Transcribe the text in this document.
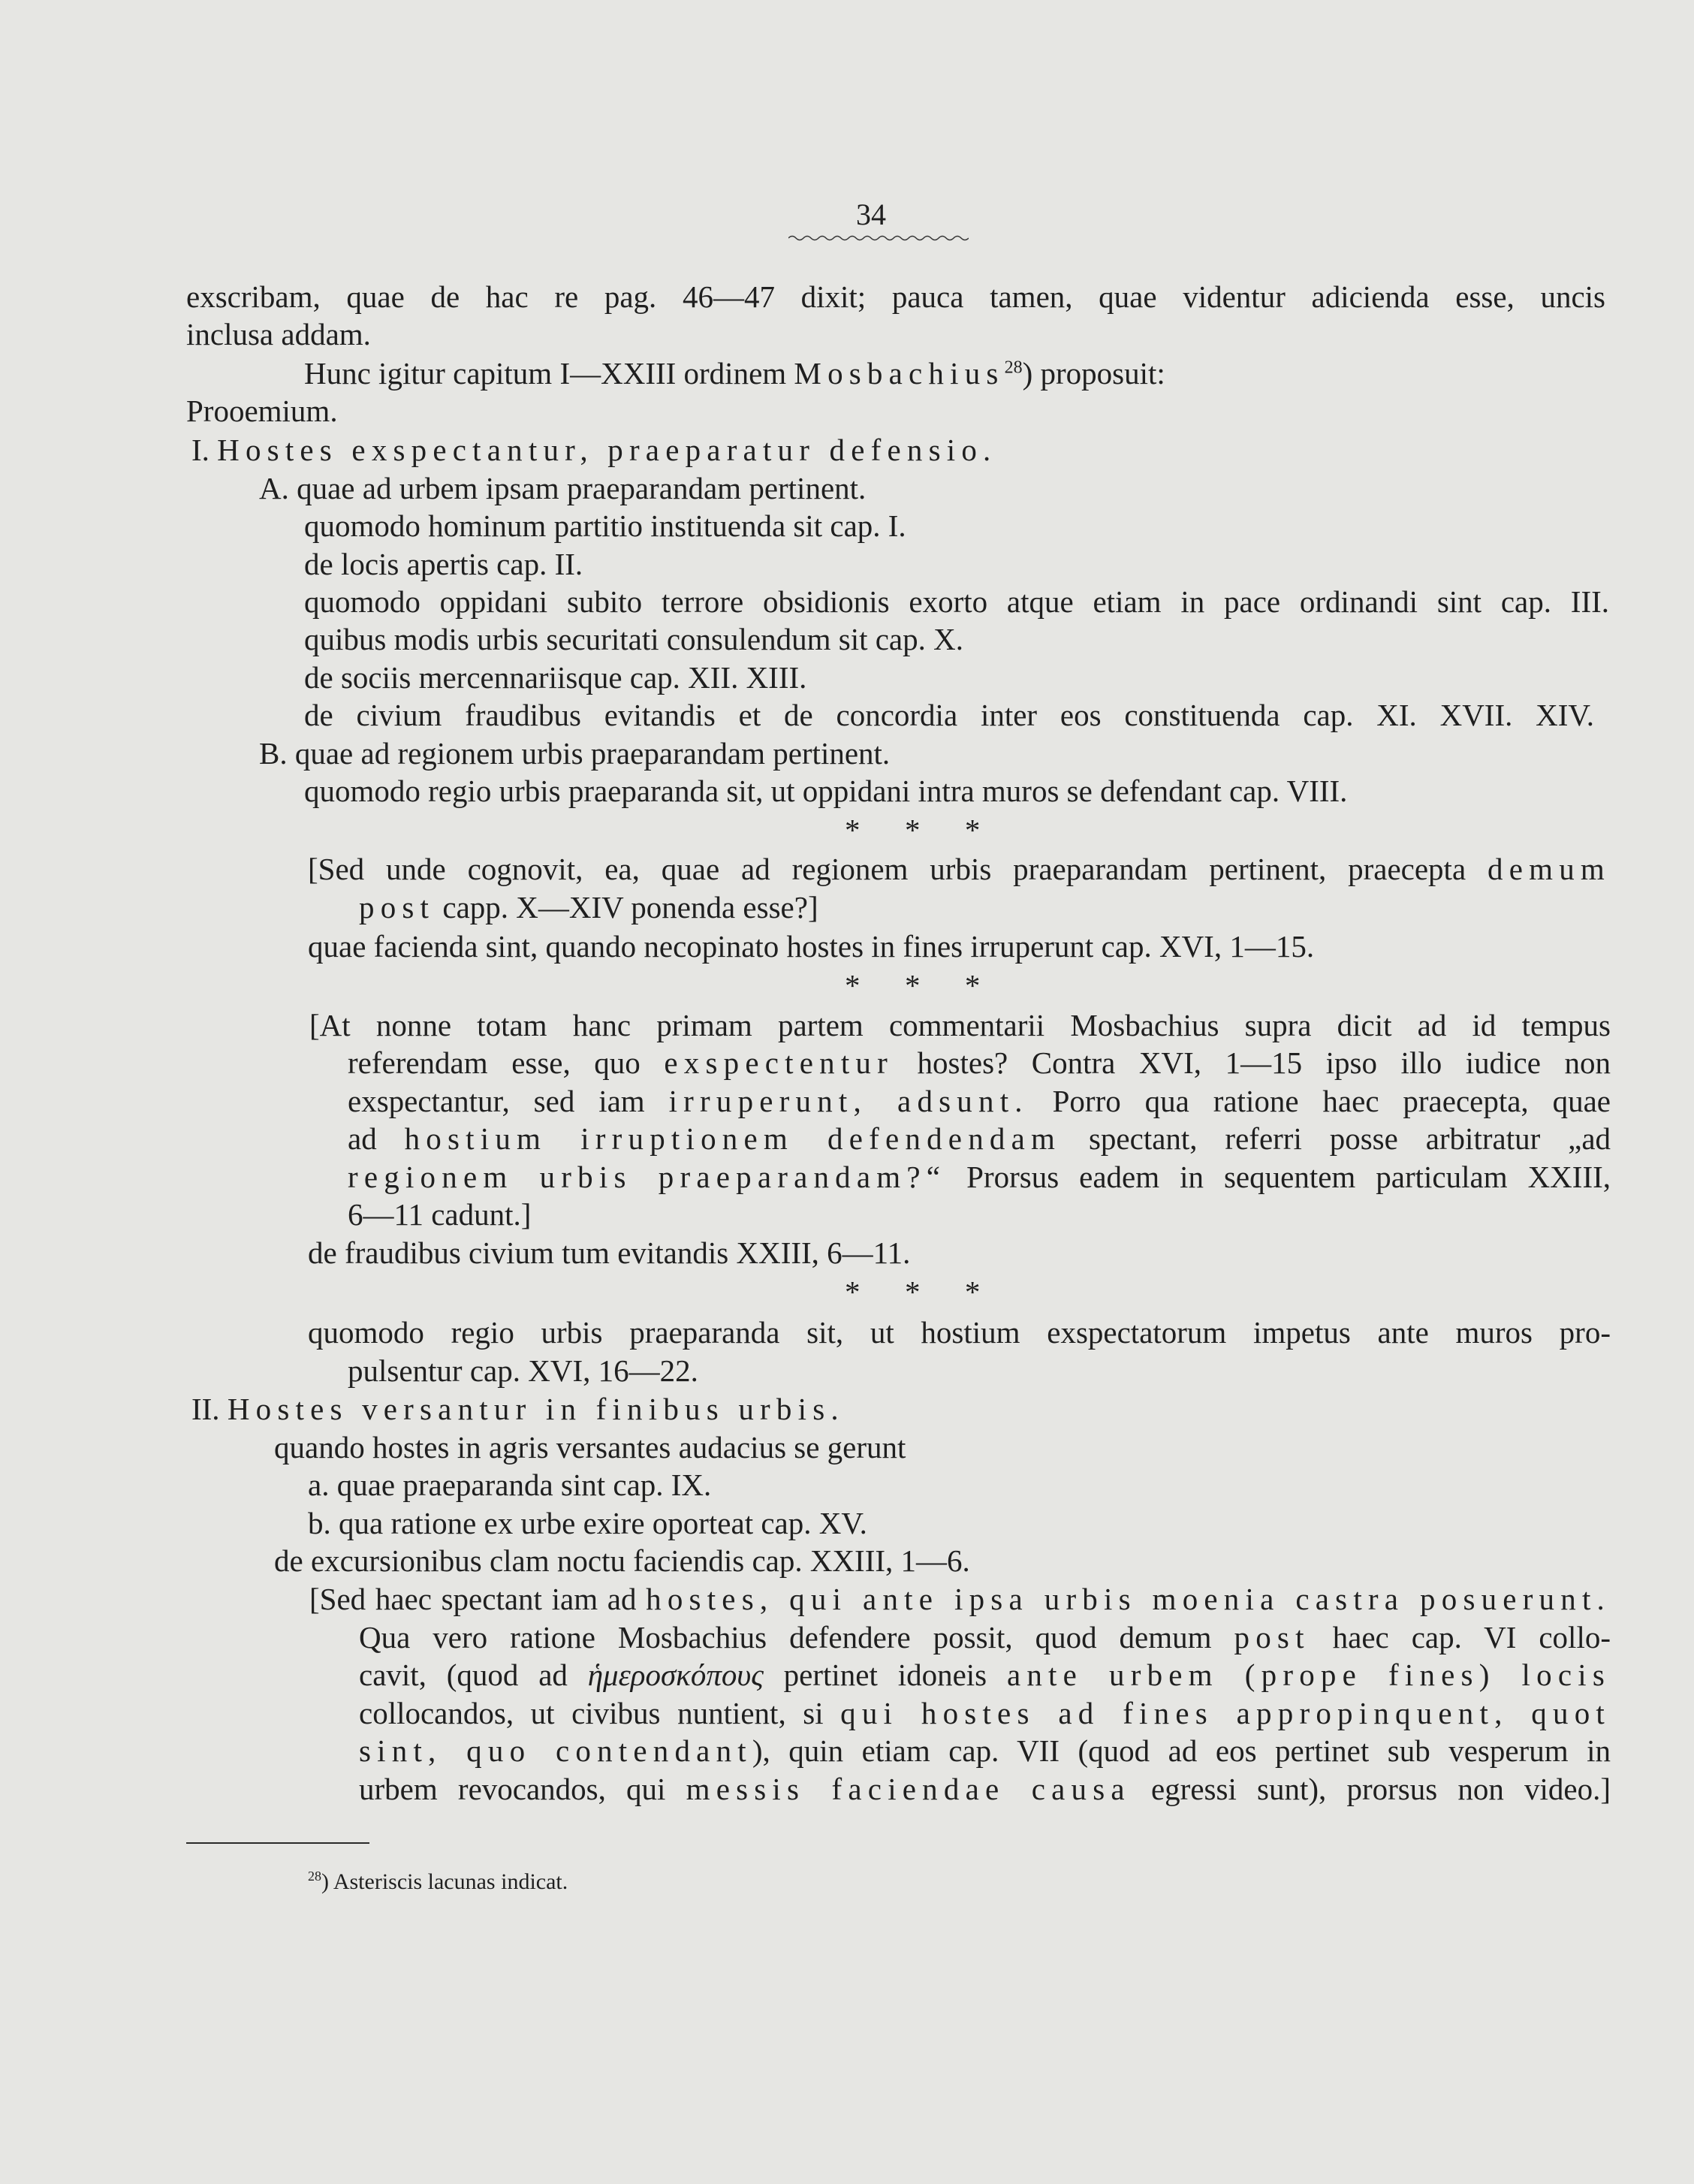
34
exscribam, quae de hac re pag. 46—47 dixit; pauca tamen, quae videntur adicienda esse, uncis
inclusa addam.
Hunc igitur capitum I—XXIII ordinem Mosbachius$^{28}$) proposuit:
Prooemium.
I. Hostes exspectantur, praeparatur defensio.
A. quae ad urbem ipsam praeparandam pertinent.
quomodo hominum partitio instituenda sit cap. I.
de locis apertis cap. II.
quomodo oppidani subito terrore obsidionis exorto atque etiam in pace ordinandi sint cap. III.
quibus modis urbis securitati consulendum sit cap. X.
de sociis mercennariisque cap. XII. XIII.
de civium fraudibus evitandis et de concordia inter eos constituenda cap. XI. XVII. XIV.
B. quae ad regionem urbis praeparandam pertinent.
quomodo regio urbis praeparanda sit, ut oppidani intra muros se defendant cap. VIII.
* * *
[Sed unde cognovit, ea, quae ad regionem urbis praeparandam pertinent, praecepta demum
post capp. X—XIV ponenda esse?]
quae facienda sint, quando necopinato hostes in fines irruperunt cap. XVI, 1—15.
* * *
[At nonne totam hanc primam partem commentarii Mosbachius supra dicit ad id tempus
referendam esse, quo exspectentur hostes? Contra XVI, 1—15 ipso illo iudice non
exspectantur, sed iam irruperunt, adsunt. Porro qua ratione haec praecepta, quae
ad hostium irruptionem defendendam spectant, referri posse arbitratur „ad
regionem urbis praeparandam?“ Prorsus eadem in sequentem particulam XXIII,
6—11 cadunt.]
de fraudibus civium tum evitandis XXIII, 6—11.
* * *
quomodo regio urbis praeparanda sit, ut hostium exspectatorum impetus ante muros pro-
pulsentur cap. XVI, 16—22.
II. Hostes versantur in finibus urbis.
quando hostes in agris versantes audacius se gerunt
a. quae praeparanda sint cap. IX.
b. qua ratione ex urbe exire oporteat cap. XV.
de excursionibus clam noctu faciendis cap. XXIII, 1—6.
[Sed haec spectant iam ad hostes, qui ante ipsa urbis moenia castra posuerunt.
Qua vero ratione Mosbachius defendere possit, quod demum post haec cap. VI collo-
cavit, (quod ad ἡμεροσκόπους pertinet idoneis ante urbem (prope fines) locis
collocandos, ut civibus nuntient, si qui hostes ad fines appropinquent, quot
sint, quo contendant), quin etiam cap. VII (quod ad eos pertinet sub vesperum in
urbem revocandos, qui messis faciendae causa egressi sunt), prorsus non video.]
$^{28}$) Asteriscis lacunas indicat.
